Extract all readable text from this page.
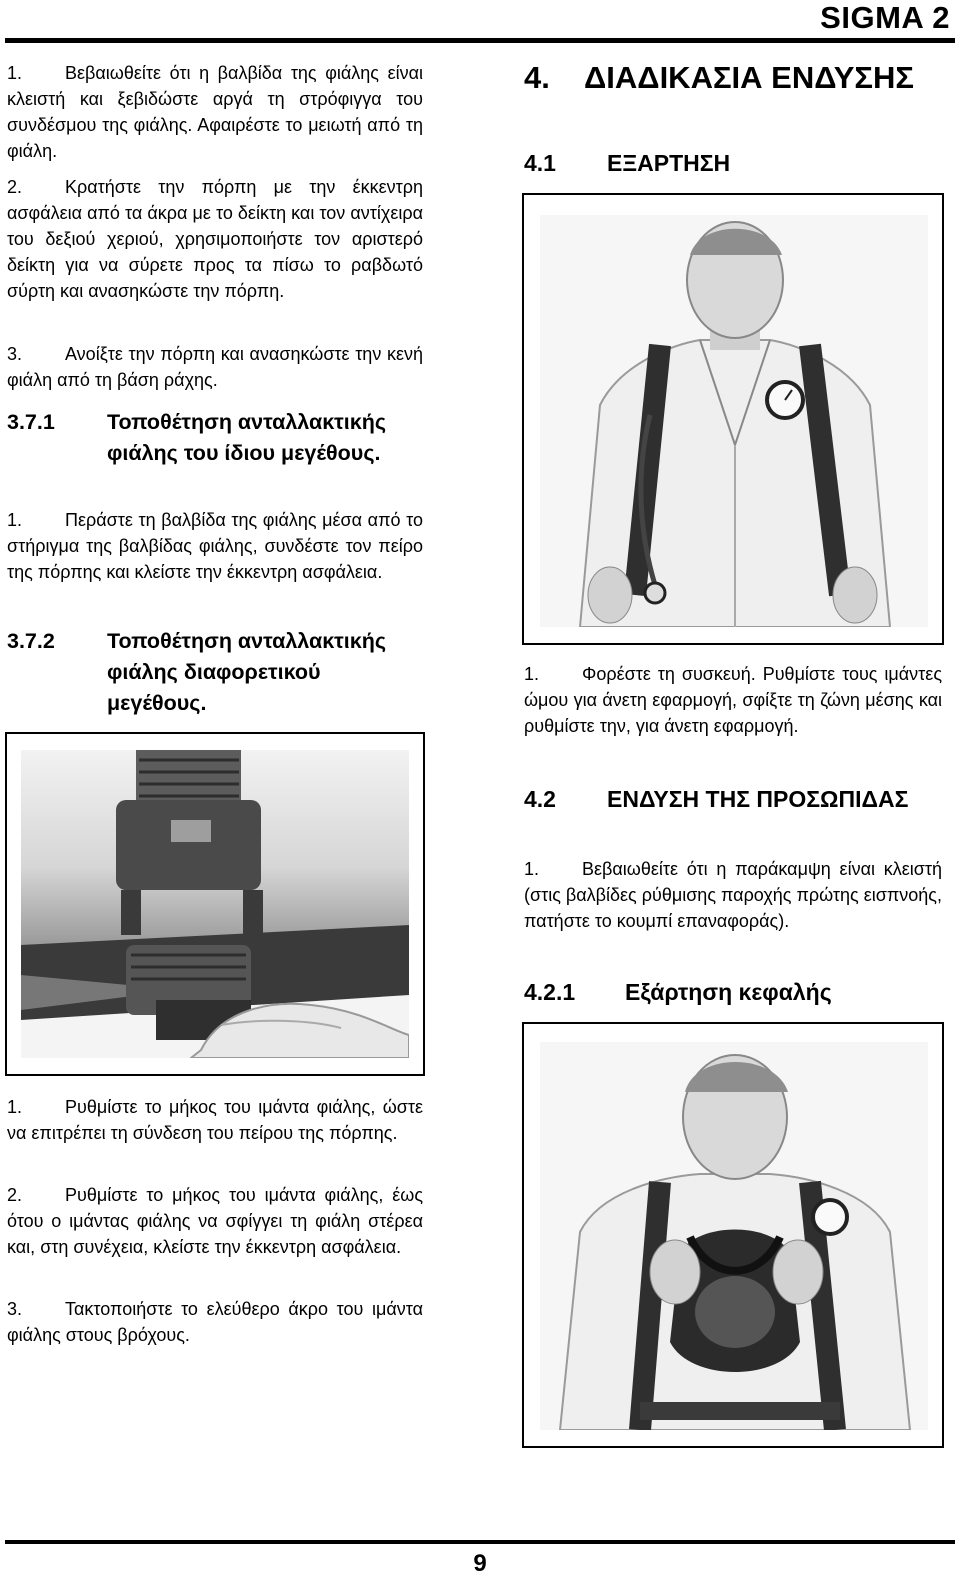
SIGMA 2

1. Βεβαιωθείτε ότι η βαλβίδα της φιάλης είναι κλειστή και ξεβιδώστε αργά τη στρόφιγγα του συνδέσμου της φιάλης. Αφαιρέστε το μειωτή από τη φιάλη.

2. Κρατήστε την πόρπη με την έκκεντρη ασφάλεια από τα άκρα με το δείκτη και τον αντίχειρα του δεξιού χεριού, χρησιμοποιήστε τον αριστερό δείκτη για να σύρετε προς τα πίσω το ραβδωτό σύρτη και ανασηκώστε την πόρπη.

3. Ανοίξτε την πόρπη και ανασηκώστε την κενή φιάλη από τη βάση ράχης.

3.7.1	Τοποθέτηση ανταλλακτικής φιάλης του ίδιου μεγέθους.

1. Περάστε τη βαλβίδα της φιάλης μέσα από το στήριγμα της βαλβίδας φιάλης, συνδέστε τον πείρο της πόρπης και κλείστε την έκκεντρη ασφάλεια.

3.7.2	Τοποθέτηση ανταλλακτικής φιάλης διαφορετικού μεγέθους.

1. Ρυθμίστε το μήκος του ιμάντα φιάλης, ώστε να επιτρέπει τη σύνδεση του πείρου της πόρπης.

2. Ρυθμίστε το μήκος του ιμάντα φιάλης, έως ότου ο ιμάντας φιάλης να σφίγγει τη φιάλη στέρεα και, στη συνέχεια, κλείστε την έκκεντρη ασφάλεια.

3. Τακτοποιήστε το ελεύθερο άκρο του ιμάντα φιάλης στους βρόχους.

4.	ΔΙΑΔΙΚΑΣΙΑ ΕΝΔΥΣΗΣ
4.1	ΕΞΑΡΤΗΣΗ

1. Φορέστε τη συσκευή. Ρυθμίστε τους ιμάντες ώμου για άνετη εφαρμογή, σφίξτε τη ζώνη μέσης και ρυθμίστε την, για άνετη εφαρμογή.

4.2	ΕΝΔΥΣΗ ΤΗΣ ΠΡΟΣΩΠΙΔΑΣ

1. Βεβαιωθείτε ότι η παράκαμψη είναι κλειστή (στις βαλβίδες ρύθμισης παροχής πρώτης εισπνοής, πατήστε το κουμπί επαναφοράς).

4.2.1	Εξάρτηση κεφαλής
9
